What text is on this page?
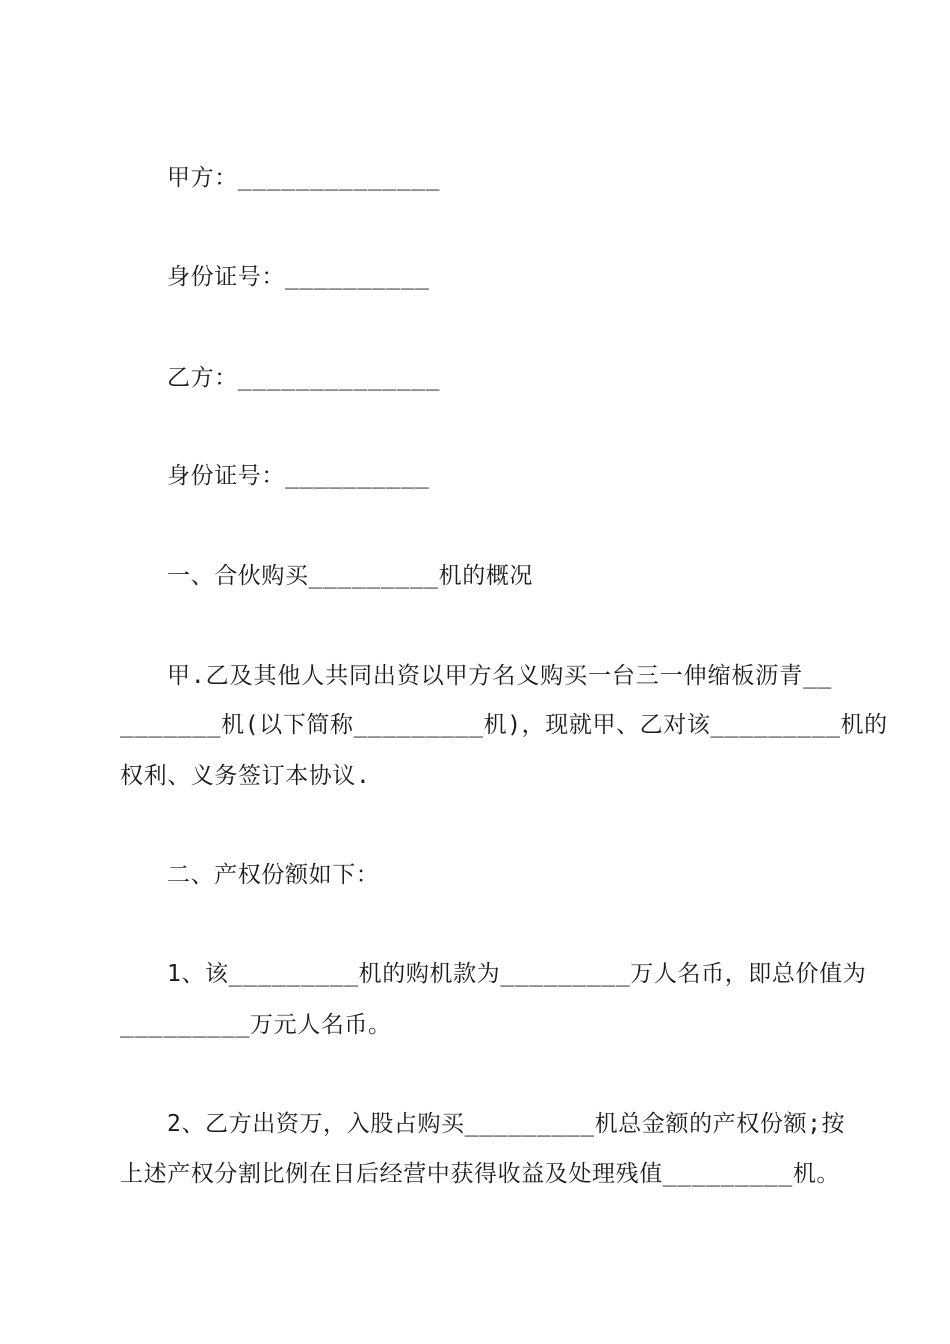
甲方：______________
身份证号：__________
乙方：______________
身份证号：__________
一、合伙购买_________机的概况
甲.乙及其他人共同出资以甲方名义购买一台三一伸缩板沥青__
_______机(以下简称_________机)，现就甲、乙对该_________机的
权利、义务签订本协议.
二、产权份额如下：
1、该_________机的购机款为_________万人名币，即总价值为
_________万元人名币。
2、乙方出资万，入股占购买_________机总金额的产权份额;按
上述产权分割比例在日后经营中获得收益及处理残值_________机。
